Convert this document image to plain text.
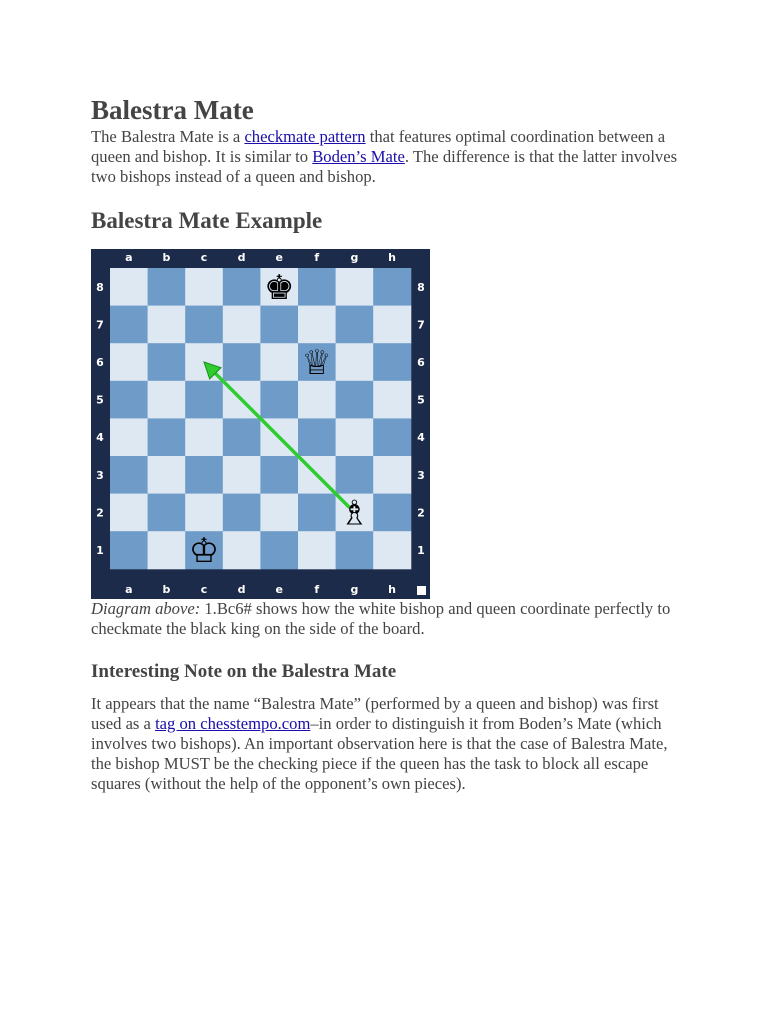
Balestra Mate

The Balestra Mate is a checkmate pattern that features optimal coordination between a queen and bishop. It is similar to Boden’s Mate. The difference is that the latter involves two bishops instead of a queen and bishop.

Balestra Mate Example
a
a
b
b
c
c
d
d
e
e
f
f
g
g
h
h
8	8
7	7
6	6
5	5
4	4
3	3
2	2
1	1
♚
♕
♗
♔

Diagram above: 1.Bc6# shows how the white bishop and queen coordinate perfectly to checkmate the black king on the side of the board.

Interesting Note on the Balestra Mate

It appears that the name “Balestra Mate” (performed by a queen and bishop) was first used as a tag on chesstempo.com–in order to distinguish it from Boden’s Mate (which involves two bishops). An important observation here is that the case of Balestra Mate, the bishop MUST be the checking piece if the queen has the task to block all escape squares (without the help of the opponent’s own pieces).
